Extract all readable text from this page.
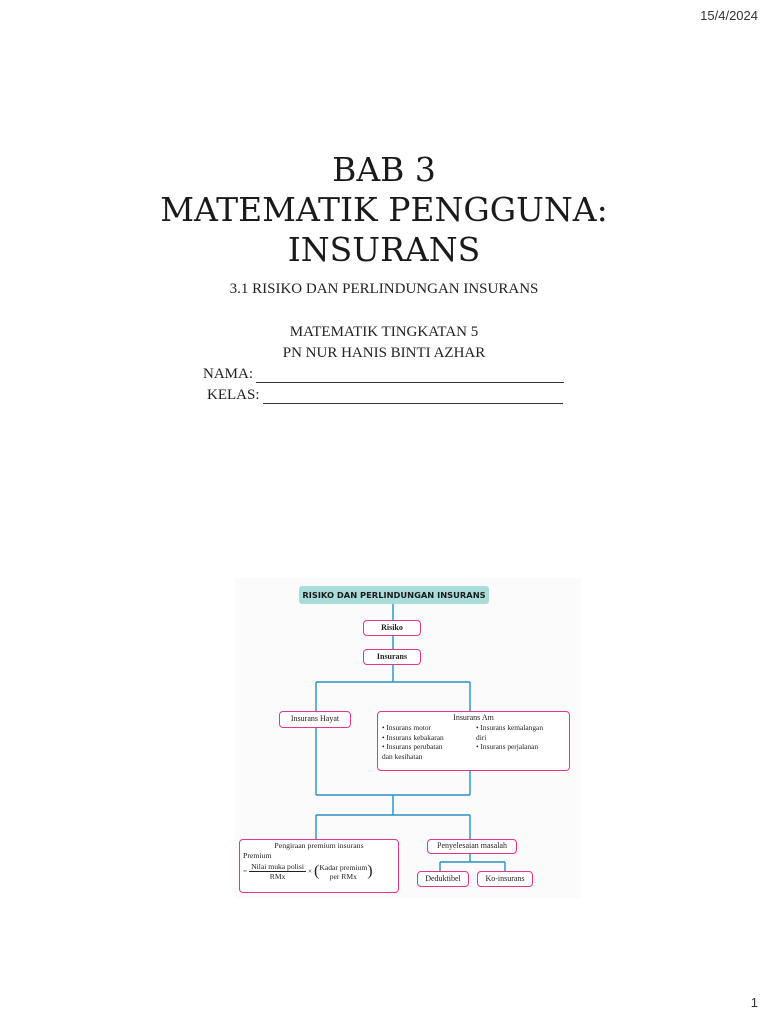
15/4/2024
BAB 3
MATEMATIK PENGGUNA:
INSURANS
3.1 RISIKO DAN PERLINDUNGAN INSURANS
MATEMATIK TINGKATAN 5
PN NUR HANIS BINTI AZHAR
NAMA:
KELAS:
RISIKO DAN PERLINDUNGAN INSURANS
Risiko
Insurans
Insurans Hayat	Insurans Am
• Insurans motor
• Insurans kebakaran
• Insurans perubatan
dan kesihatan
• Insurans kemalangan
diri
• Insurans perjalanan
Pengiraan premium insurans
Premium
= $\frac{\text{Nilai muka polisi}}{\text{RMx}}$ × ( Kadar premium
per RMx )
Penyelesaian masalah
Deduktibel	Ko-insurans
1
